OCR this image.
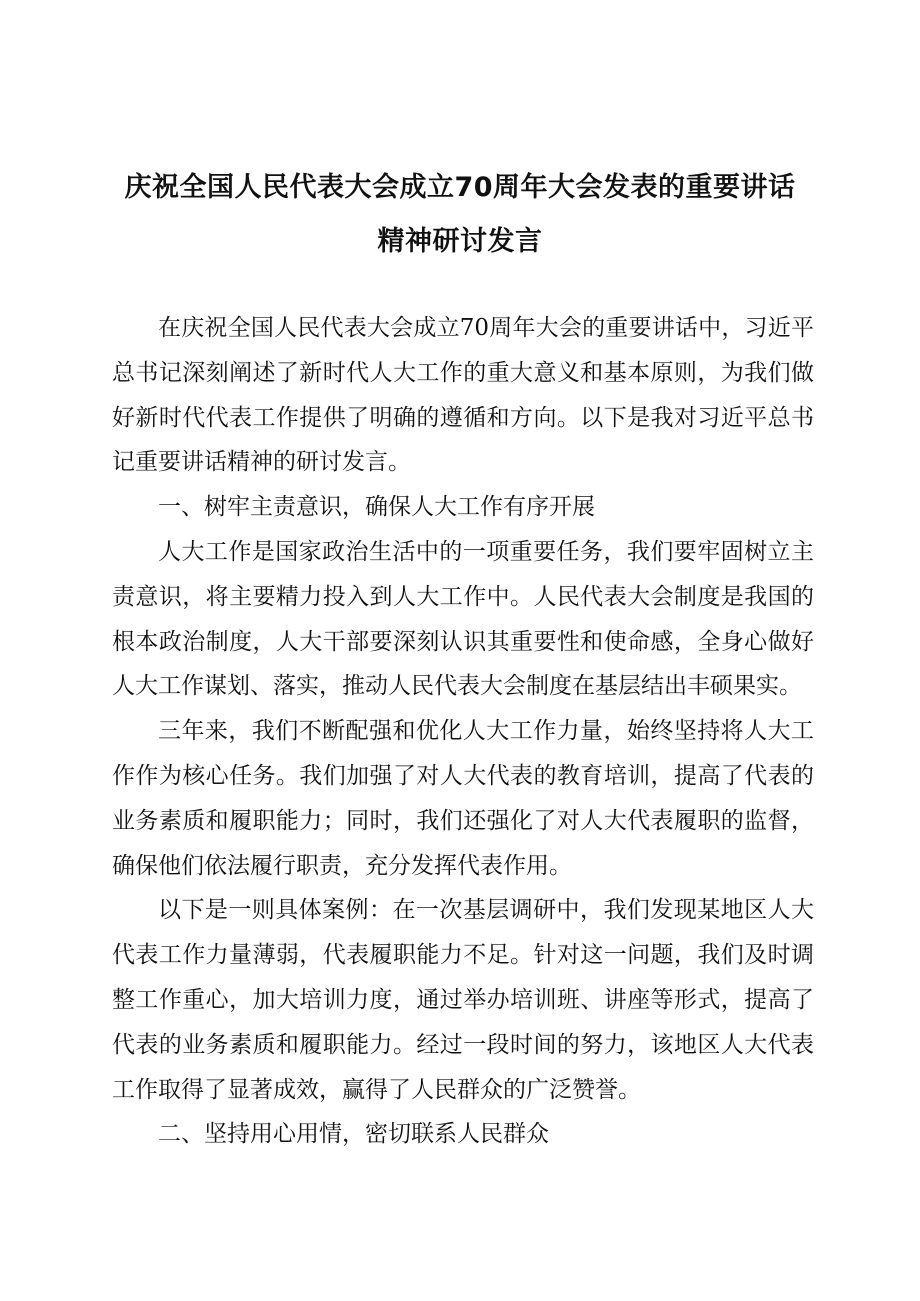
庆祝全国人民代表大会成立70周年大会发表的重要讲话
精神研讨发言

在庆祝全国人民代表大会成立70周年大会的重要讲话中，习近平总书记深刻阐述了新时代人大工作的重大意义和基本原则，为我们做好新时代代表工作提供了明确的遵循和方向。以下是我对习近平总书记重要讲话精神的研讨发言。

一、树牢主责意识，确保人大工作有序开展

人大工作是国家政治生活中的一项重要任务，我们要牢固树立主责意识，将主要精力投入到人大工作中。人民代表大会制度是我国的根本政治制度，人大干部要深刻认识其重要性和使命感，全身心做好人大工作谋划、落实，推动人民代表大会制度在基层结出丰硕果实。

三年来，我们不断配强和优化人大工作力量，始终坚持将人大工作作为核心任务。我们加强了对人大代表的教育培训，提高了代表的业务素质和履职能力；同时，我们还强化了对人大代表履职的监督，确保他们依法履行职责，充分发挥代表作用。

以下是一则具体案例：在一次基层调研中，我们发现某地区人大代表工作力量薄弱，代表履职能力不足。针对这一问题，我们及时调整工作重心，加大培训力度，通过举办培训班、讲座等形式，提高了代表的业务素质和履职能力。经过一段时间的努力，该地区人大代表工作取得了显著成效，赢得了人民群众的广泛赞誉。

二、坚持用心用情，密切联系人民群众
